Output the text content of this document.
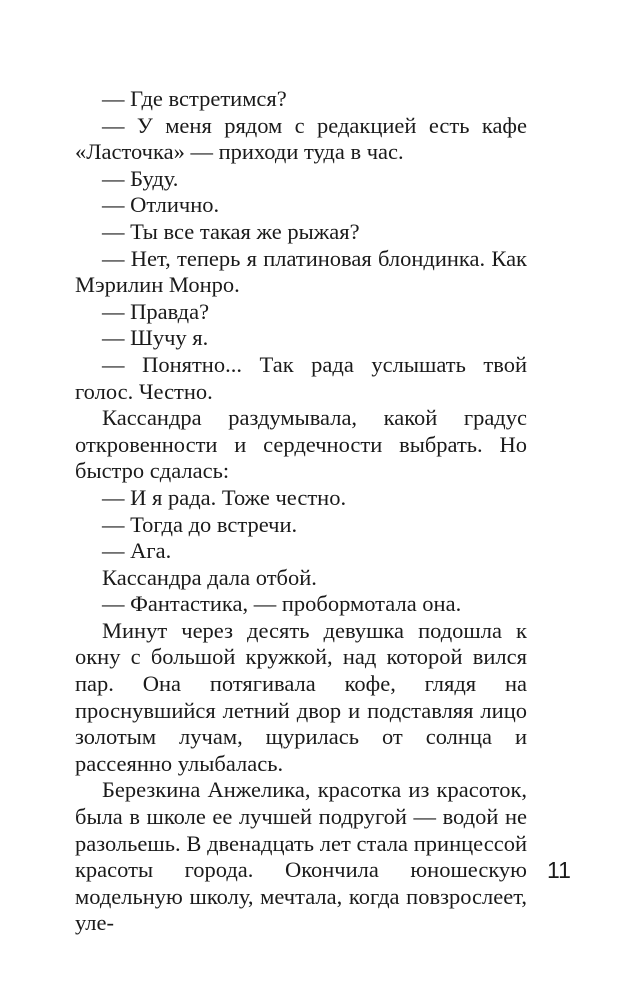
— Где встретимся?

— У меня рядом с редакцией есть кафе «Ласточка» — приходи туда в час.

— Буду.

— Отлично.

— Ты все такая же рыжая?

— Нет, теперь я платиновая блондинка. Как Мэрилин Монро.

— Правда?

— Шучу я.

— Понятно... Так рада услышать твой голос. Честно.

Кассандра раздумывала, какой градус откровенности и сердечности выбрать. Но быстро сдалась:

— И я рада. Тоже честно.

— Тогда до встречи.

— Ага.

Кассандра дала отбой.

— Фантастика, — пробормотала она.

Минут через десять девушка подошла к окну с большой кружкой, над которой вился пар. Она потягивала кофе, глядя на проснувшийся летний двор и подставляя лицо золотым лучам, щурилась от солнца и рассеянно улыбалась.

Березкина Анжелика, красотка из красоток, была в школе ее лучшей подругой — водой не разольешь. В двенадцать лет стала принцессой красоты города. Окончила юношескую модельную школу, мечтала, когда повзрослеет, уле-

11
